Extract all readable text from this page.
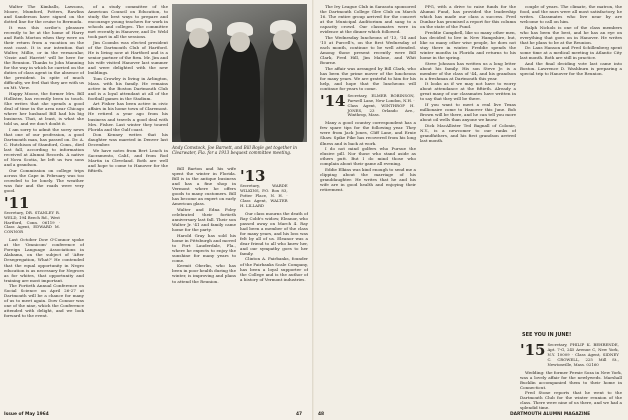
Walter The Kimballs, Lawsons, Moore, Mumford, Potters, Rawlins and Sanderson have signed on the dotted line for the cruise to Bermuda.

It was this scribe's pleasure recently to be at the home of Harry and Ruth Morton when they were on their return from a vacation on the east coast. It is our intention that Walter, Millie, or in the vernacular, 'Ozzie and Harriet' will be here for the Reunion. Thanks to John Manning for the way in which he carried on the duties of class agent in the absence of the president. In spite of much difficulty, we feel that they are with us on Mt. View.

Happy Moose, the former Mrs. Bill Hollister, has recently been in touch. She writes that she spends a good deal of time in the area near Chicago where her husband Bill had his big business. That, at least, is what she told us, and we don't doubt it.

I am sorry to admit the sorry news that one of our profession, a good Dartmouth man, has passed on. Dr. A. C. Hutchison of Stamford, Conn., died last fall, according to information received at Alumni Records. A native of Nova Scotia, he left us two sons and a grandson.

Our Commission on college trips across the Cape in February was too crowded to be lonely. The weather was fair and the roads were very good.

'11Secretary, DR. STANLEY R. WELD, 194 Beech Rd., West Hartford, Conn. 06119 · Class Agent, EDWARD M. CONNOR

Last October Dow O'Connor spoke at the 'Omnicom' conference of Foreign Language Associations in Alabama, on the subject of 'After Desegregation, What?' He contended that the equal opportunity in Negro education is as necessary for Negroes as for whites, that opportunity and training are most important.

The Fortieth Annual Conference on Social Science on April 26-27 at Dartmouth will be a chance for many of us to meet again. Dow Connor was one of the nine, which the Conference attended with delight, and we look forward to the event.

of a study committee of the American Council on Education, to study the best ways to prepare and encourage young teachers for work in schools and colleges. The committee met recently in Hanover, and Dr. Weld took part in all the sessions.

Jim Coombs was elected president of the Dartmouth Club of Hartford. He is living now at Hartford and is a senior partner of the firm. Mr. Jim and his wife visited Hanover last summer and were delighted with the new buildings.

Tom Crowley is living in Arlington, Mass. with his family. He remains active in the Boston Dartmouth Club and is a loyal attendant at all of the football games in the Stadium.

Art Fisher has been active in civic affairs in his home town of Claremont. He retired a year ago from his business and travels a good deal with Mrs. Fisher. Last winter they toured Florida and the Gulf coast.

Don Kenney writes that his daughter was married in Denver last December.

We have notes from Bert Leach in Sacramento, Calif., and from Rod Martin in Cleveland. Both are well and hope to come to Hanover for the fiftieth.

Andy Comstock, Joe Barnett, and Bill Boyle get together in Clearwater, Fla. for a 1913 bequest committee meeting.

Bill Barton and his wife spent the winter in Florida. Bill is in the antique business and has a fine shop in Vermont where he offers goods to many customers. Bill has become an expert on early American glass.

Walter and Edna Foley celebrated their fortieth anniversary last fall. Their son Walter Jr. '41 and family came home for the party.

Harold Gray has sold his home in Pittsburgh and moved to Fort Lauderdale, Fla., where he expects to enjoy the sunshine for many years to come.

Kermit Oberlin, who has been in poor health during the winter, is improving and plans to attend the Reunion.

'13Secretary, WARDE WILKINS, P.O. Box 83, Potter Place, N. H. · Class Agent, WALTER H. LILLARD

Our class mourns the death of Ray Cobb's widow, Eleanor, who passed away on March 4. Ray had been a member of the class for many years, and his loss was felt by all of us. Eleanor was a dear friend to all who knew her, and our sympathy goes to her family.

Clinton A. Fairbanks, founder of the Fairbanks Scale Company, has been a loyal supporter of the College and is the author of a history of Vermont industries.

Issue of May 1964	47

The Ivy League Club in Sarasota sponsored the Dartmouth College Glee Club on March 16. The entire group arrived for the concert at the Municipal Auditorium and sang to a capacity crowd. Our classmates were in evidence at the dinner which followed.

The Wednesday luncheons of '13, '14 and '15 at Purcell's, on the first Wednesday of each month, continue to be well attended. Among those present recently were Bill Clark, Fred Hill, Jim Malone, and Whit Bourne.

The affair was arranged by Bill Clark, who has been the prime mover of the luncheons for many years. We are grateful to him for his help, and hope that the luncheons will continue for years to come.

'14 Secretary, ELMER ROBINSON, Farwell Lane, New London, N.H. · Class Agent, WINTHROP H. JONES, 23 Orlando Ave., Winthrop, Mass.

Many a good country correspondent has a few spare tips for the following year. They were from Jack Jones, Cliff Lane, and Ernie Shaw. Spike Pike has recovered from his long illness and is back at work.

I do not mind golfers who Pursue the elusive pill. Nor those who stand aside as others putt. But I do mind those who complain about their game all evening.

Eddie Elkins was kind enough to send me a clipping about the marriage of his granddaughter. He writes that he and his wife are in good health and enjoying their retirement.

PPG, with a drive to raise funds for the Alumni Fund, has provided the leadership which has made our class a success. Fred Dunbar has promised a report for this column on the state of the Fund.

Freddie Campbell, like so many other men, has decided to live in New Hampshire, but, like so many other wise people, he does not stay there in winter. Freddie spends the winter months in Florida and returns to his home in the spring.

Steve Johnson has written us a long letter about his family. His son Steve Jr. is a member of the class of '44, and his grandson is a freshman at Dartmouth this year.

It looks as if we may not have to worry about attendance at the fiftieth. Already a great many of our classmates have written in to say that they will be there.

If you want to meet a real live Texas millionaire come to Hanover this June. Bob Brown will be there, and he can tell you more about oil wells than anyone we know.

Dick MacAllister Ted Bagnall of Colonie, N.Y., is a newcomer to our ranks of grandfathers, and his first grandson arrived last month.

couple of years. The climate, the matron, the food, and the nurs were all most satisfactory, he writes. Classmates who live near by are welcome to call on him.

Ralph Nichols is one of the class members who has been the best, and he has an eye on everything that goes on in Hanover. He writes that he plans to be at the Reunion.

Dr. Laus Hanson and Fred Schillenberg spent some time at a medical meeting in Atlantic City last month. Both are still in practice.

And the final deciding vote last came into Boston. Lawrence D. Washburn is preparing a special trip to Hanover for the Reunion.

'15 Secretary, PHILIP K. BEHRENDE, Apt. 7-G, 245 Avenue C, New York, N.Y. 10009 · Class Agent, SIDNEY C. CROWELL, 225 Mill St., Newtonville, Mass. 02160

Wedding: the former Fernie Soza in New York, was a lovely affair for the newlyweds. Marshall Bucklin accompanied them to their home in Connecticut.

Fred Stone reports that he went to the Dartmouth Club for the winter reunion of the class. There were nine of us there, and we had a splendid time.

48	DARTMOUTH ALUMNI MAGAZINE
SEE YOU IN JUNE!
